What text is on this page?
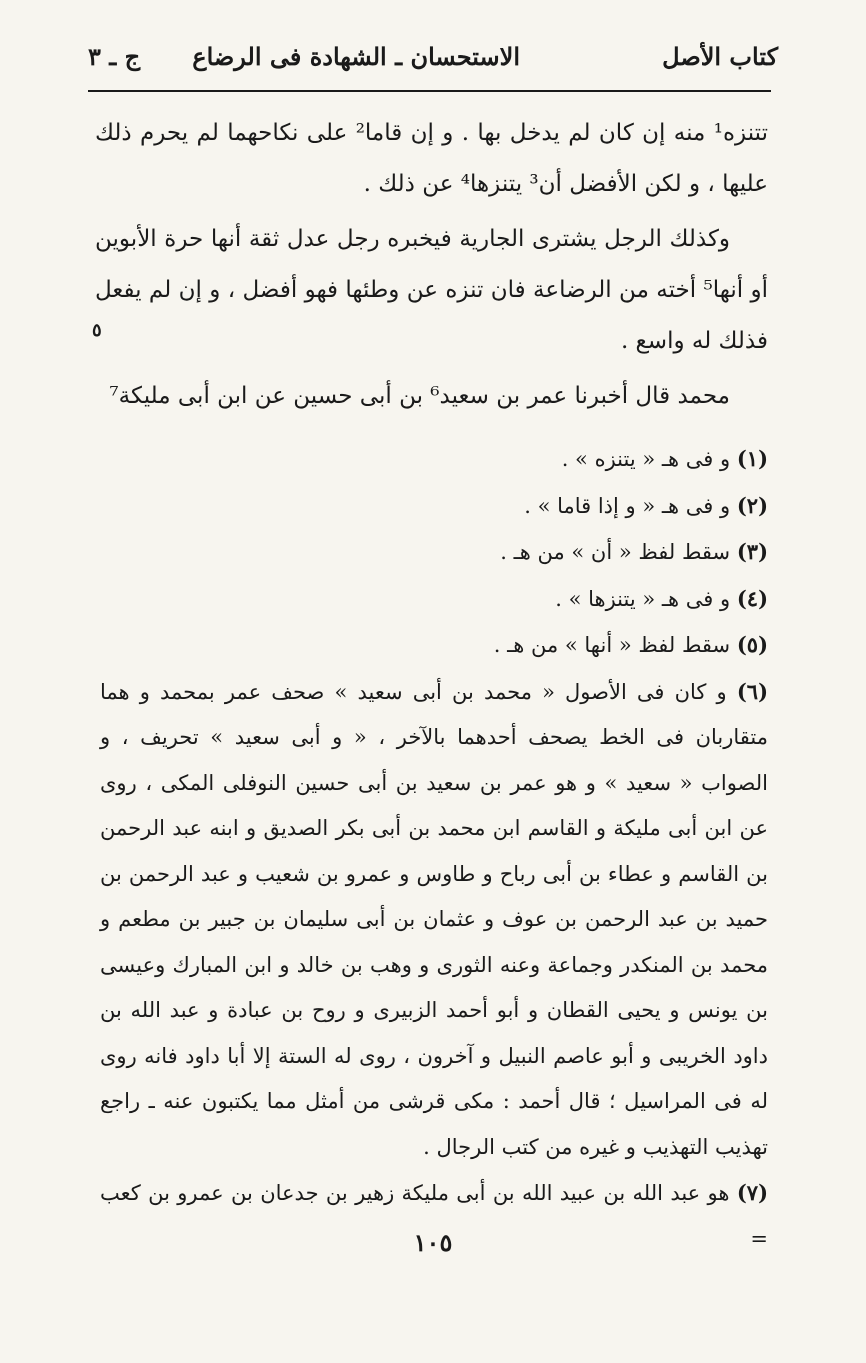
كتاب الأصل
الاستحسان ـ الشهادة فى الرضاع
ج ـ ٣

تتنزه¹ منه إن كان لم يدخل بها . و إن قاما² على نكاحهما لم يحرم ذلك عليها ، و لكن الأفضل أن³ يتنزها⁴ عن ذلك .

وكذلك الرجل يشترى الجارية فيخبره رجل عدل ثقة أنها حرة الأبوين أو أنها⁵ أخته من الرضاعة فان تنزه عن وطئها فهو أفضل ، و إن لم يفعل فذلك له واسع .

محمد قال أخبرنا عمر بن سعيد⁶ بن أبى حسين عن ابن أبى مليكة⁷

٥

(١) و فى هـ « يتنزه » .

(٢) و فى هـ « و إذا قاما » .

(٣) سقط لفظ « أن » من هـ .

(٤) و فى هـ « يتنزها » .

(٥) سقط لفظ « أنها » من هـ .

(٦) و كان فى الأصول « محمد بن أبى سعيد » صحف عمر بمحمد و هما متقاربان فى الخط يصحف أحدهما بالآخر ، « و أبى سعيد » تحريف ، و الصواب « سعيد » و هو عمر بن سعيد بن أبى حسين النوفلى المكى ، روى عن ابن أبى مليكة و القاسم ابن محمد بن أبى بكر الصديق و ابنه عبد الرحمن بن القاسم و عطاء بن أبى رباح و طاوس و عمرو بن شعيب و عبد الرحمن بن حميد بن عبد الرحمن بن عوف و عثمان بن أبى سليمان بن جبير بن مطعم و محمد بن المنكدر وجماعة وعنه الثورى و وهب بن خالد و ابن المبارك وعيسى بن يونس و يحيى القطان و أبو أحمد الزبيرى و روح بن عبادة و عبد الله بن داود الخريبى و أبو عاصم النبيل و آخرون ، روى له الستة إلا أبا داود فانه روى له فى المراسيل ؛ قال أحمد : مكى قرشى من أمثل مما يكتبون عنه ـ راجع تهذيب التهذيب و غيره من كتب الرجال .

(٧) هو عبد الله بن عبيد الله بن أبى مليكة زهير بن جدعان بن عمرو بن كعب =

١٠٥
